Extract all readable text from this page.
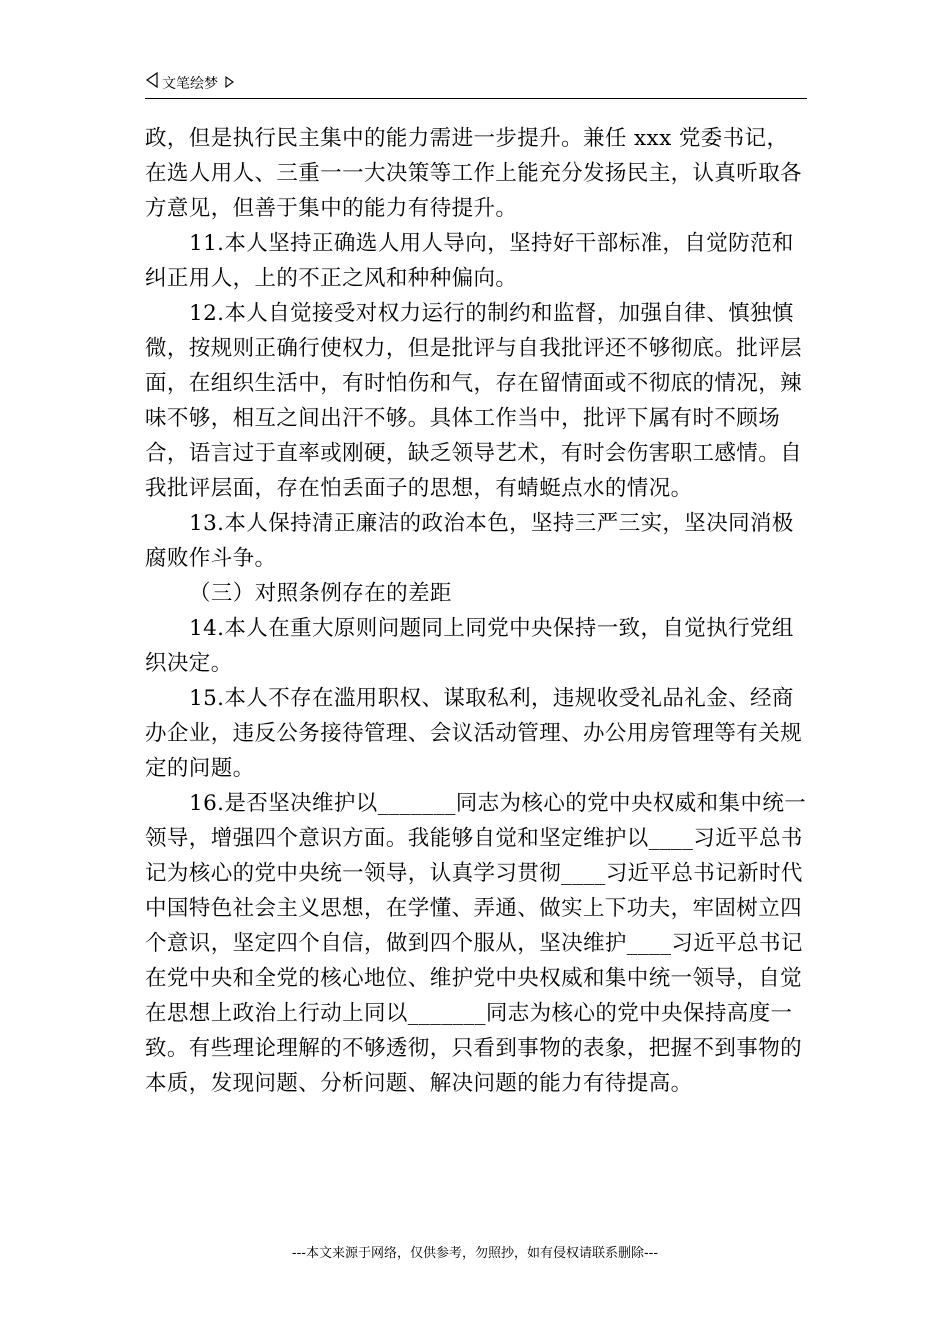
文笔绘梦

政，但是执行民主集中的能力需进一步提升。兼任 xxx 党委书记，在选人用人、三重一一大决策等工作上能充分发扬民主，认真听取各方意见，但善于集中的能力有待提升。

11.本人坚持正确选人用人导向，坚持好干部标准，自觉防范和纠正用人，上的不正之风和种种偏向。

12.本人自觉接受对权力运行的制约和监督，加强自律、慎独慎微，按规则正确行使权力，但是批评与自我批评还不够彻底。批评层面，在组织生活中，有时怕伤和气，存在留情面或不彻底的情况，辣味不够，相互之间出汗不够。具体工作当中，批评下属有时不顾场合，语言过于直率或刚硬，缺乏领导艺术，有时会伤害职工感情。自我批评层面，存在怕丢面子的思想，有蜻蜓点水的情况。

13.本人保持清正廉洁的政治本色，坚持三严三实，坚决同消极腐败作斗争。

（三）对照条例存在的差距

14.本人在重大原则问题同上同党中央保持一致，自觉执行党组织决定。

15.本人不存在滥用职权、谋取私利，违规收受礼品礼金、经商办企业，违反公务接待管理、会议活动管理、办公用房管理等有关规定的问题。

16.是否坚决维护以_______同志为核心的党中央权威和集中统一领导，增强四个意识方面。我能够自觉和坚定维护以____习近平总书记为核心的党中央统一领导，认真学习贯彻____习近平总书记新时代中国特色社会主义思想，在学懂、弄通、做实上下功夫，牢固树立四个意识，坚定四个自信，做到四个服从，坚决维护____习近平总书记在党中央和全党的核心地位、维护党中央权威和集中统一领导，自觉在思想上政治上行动上同以_______同志为核心的党中央保持高度一致。有些理论理解的不够透彻，只看到事物的表象，把握不到事物的本质，发现问题、分析问题、解决问题的能力有待提高。

---本文来源于网络，仅供参考，勿照抄，如有侵权请联系删除---
